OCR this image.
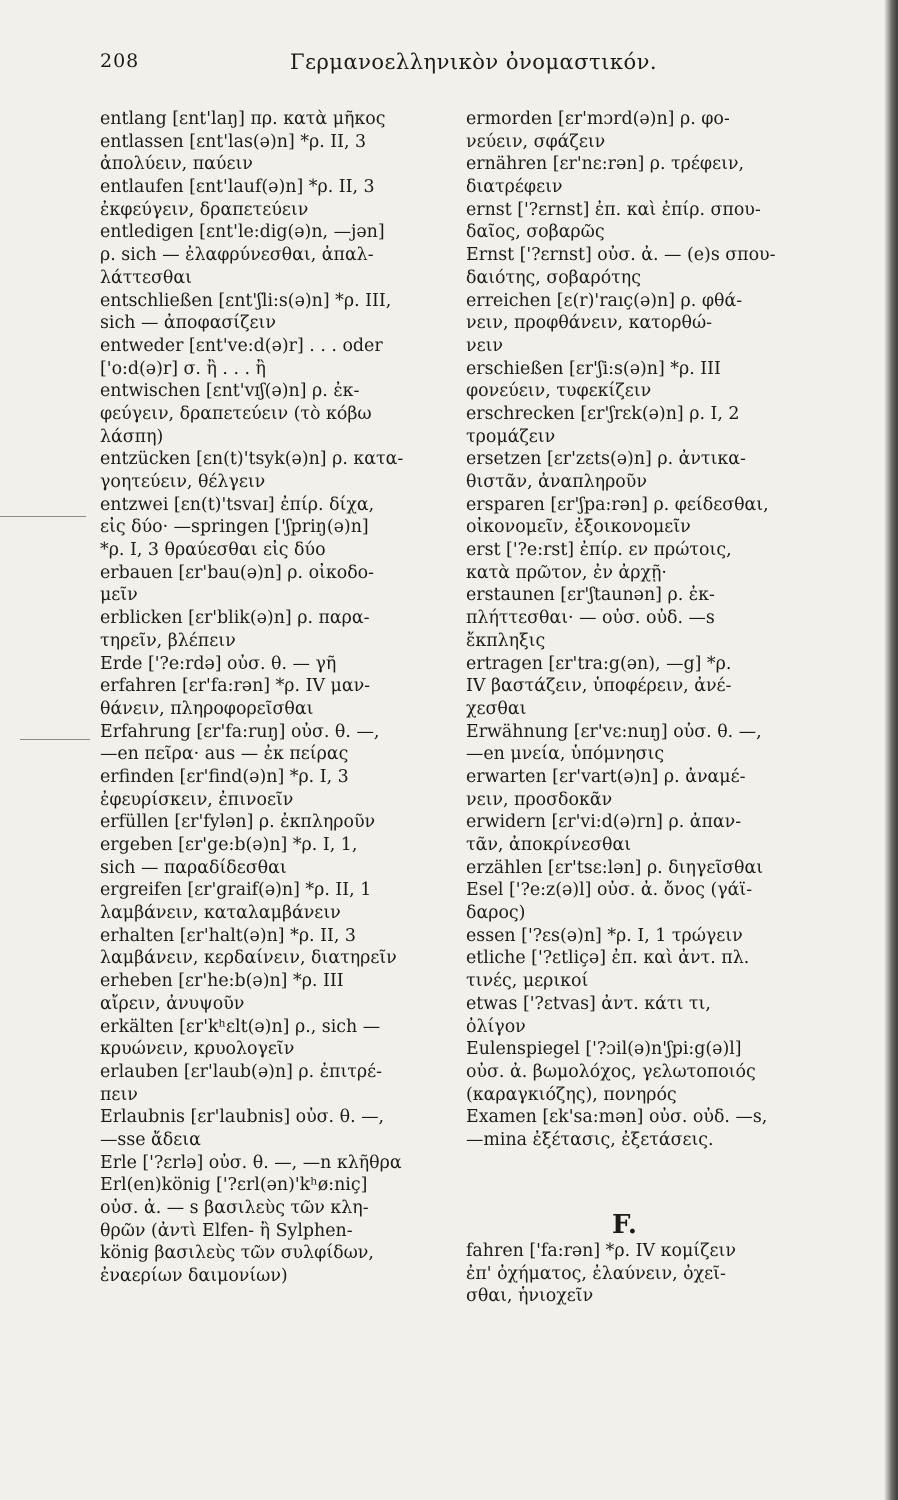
208	Γερμανοελληνικὸν ὀνομαστικόν.
entlang [ɛnt'laŋ] πρ. κατὰ μῆκος
entlassen [ɛnt'las(ə)n] *ρ. II, 3
ἀπολύειν, παύειν
entlaufen [ɛnt'lauf(ə)n] *ρ. II, 3
ἐκφεύγειν, δραπετεύειν
entledigen [ɛnt'le:dig(ə)n, —jən]
ρ. sich — ἐλαφρύνεσθαι, ἀπαλ-
λάττεσθαι
entschließen [ɛnt'ʃli:s(ə)n] *ρ. III,
sich — ἀποφασίζειν
entweder [ɛnt've:d(ə)r] . . . oder
['o:d(ə)r] σ. ἢ . . . ἢ
entwischen [ɛnt'vɪʃ(ə)n] ρ. ἐκ-
φεύγειν, δραπετεύειν (τὸ κόβω
λάσπη)
entzücken [ɛn(t)'tsyk(ə)n] ρ. κατα-
γοητεύειν, θέλγειν
entzwei [ɛn(t)'tsvaɪ] ἐπίρ. δίχα,
εἰς δύο· —springen ['ʃpriŋ(ə)n]
*ρ. I, 3 θραύεσθαι εἰς δύο
erbauen [ɛr'bau(ə)n] ρ. οἰκοδο-
μεῖν
erblicken [ɛr'blik(ə)n] ρ. παρα-
τηρεῖν, βλέπειν
Erde ['?e:rdə] οὐσ. θ. — γῆ
erfahren [ɛr'fa:rən] *ρ. IV μαν-
θάνειν, πληροφορεῖσθαι
Erfahrung [ɛr'fa:ruŋ] οὐσ. θ. —,
—en πεῖρα· aus — ἐκ πείρας
erfinden [ɛr'find(ə)n] *ρ. I, 3
ἐφευρίσκειν, ἐπινοεῖν
erfüllen [ɛr'fylən] ρ. ἐκπληροῦν
ergeben [ɛr'ge:b(ə)n] *ρ. I, 1,
sich — παραδίδεσθαι
ergreifen [ɛr'graif(ə)n] *ρ. II, 1
λαμβάνειν, καταλαμβάνειν
erhalten [ɛr'halt(ə)n] *ρ. II, 3
λαμβάνειν, κερδαίνειν, διατηρεῖν
erheben [ɛr'he:b(ə)n] *ρ. III
αἴρειν, ἀνυψοῦν
erkälten [ɛr'kʰɛlt(ə)n] ρ., sich —
κρυώνειν, κρυολογεῖν
erlauben [ɛr'laub(ə)n] ρ. ἐπιτρέ-
πειν
Erlaubnis [ɛr'laubnis] οὐσ. θ. —,
—sse ἄδεια
Erle ['?ɛrlə] οὐσ. θ. —, —n κλῆθρα
Erl(en)könig ['?ɛrl(ən)'kʰø:niç]
οὐσ. ἀ. — s βασιλεὺς τῶν κλη-
θρῶν (ἀντὶ Elfen- ἢ Sylphen-
könig βασιλεὺς τῶν συλφίδων,
ἐναερίων δαιμονίων)
ermorden [ɛr'mɔrd(ə)n] ρ. φο-
νεύειν, σφάζειν
ernähren [ɛr'nɛ:rən] ρ. τρέφειν,
διατρέφειν
ernst ['?ɛrnst] ἐπ. καὶ ἐπίρ. σπου-
δαῖος, σοβαρῶς
Ernst ['?ɛrnst] οὐσ. ἀ. — (e)s σπου-
δαιότης, σοβαρότης
erreichen [ɛ(r)'raıç(ə)n] ρ. φθά-
νειν, προφθάνειν, κατορθώ-
νειν
erschießen [ɛr'ʃi:s(ə)n] *ρ. III
φονεύειν, τυφεκίζειν
erschrecken [ɛr'ʃrɛk(ə)n] ρ. I, 2
τρομάζειν
ersetzen [ɛr'zɛts(ə)n] ρ. ἀντικα-
θιστᾶν, ἀναπληροῦν
ersparen [ɛr'ʃpa:rən] ρ. φείδεσθαι,
οἰκονομεῖν, ἐξοικονομεῖν
erst ['?e:rst] ἐπίρ. εν πρώτοις,
κατὰ πρῶτον, ἐν ἀρχῇ·
erstaunen [ɛr'ʃtaunən] ρ. ἐκ-
πλήττεσθαι· — οὐσ. οὐδ. —s
ἔκπληξις
ertragen [ɛr'tra:g(ən), —g] *ρ.
IV βαστάζειν, ὑποφέρειν, ἀνέ-
χεσθαι
Erwähnung [ɛr'vɛ:nuŋ] οὐσ. θ. —,
—en μνεία, ὑπόμνησις
erwarten [ɛr'vart(ə)n] ρ. ἀναμέ-
νειν, προσδοκᾶν
erwidern [ɛr'vi:d(ə)rn] ρ. ἀπαν-
τᾶν, ἀποκρίνεσθαι
erzählen [ɛr'tsɛ:lən] ρ. διηγεῖσθαι
Esel ['?e:z(ə)l] οὐσ. ἀ. ὄνος (γάϊ-
δαρος)
essen ['?ɛs(ə)n] *ρ. I, 1 τρώγειν
etliche ['?ɛtliçə] ἐπ. καὶ ἀντ. πλ.
τινές, μερικοί
etwas ['?ɛtvas] ἀντ. κάτι τι,
ὀλίγον
Eulenspiegel ['?ɔil(ə)n'ʃpi:g(ə)l]
οὐσ. ἀ. βωμολόχος, γελωτοποιός
(καραγκιόζης), πονηρός
Examen [ɛk'sa:mən] οὐσ. οὐδ. —s,
—mina ἐξέτασις, ἐξετάσεις.
F.
fahren ['fa:rən] *ρ. IV κομίζειν
ἐπ' ὀχήματος, ἐλαύνειν, ὀχεῖ-
σθαι, ἡνιοχεῖν
